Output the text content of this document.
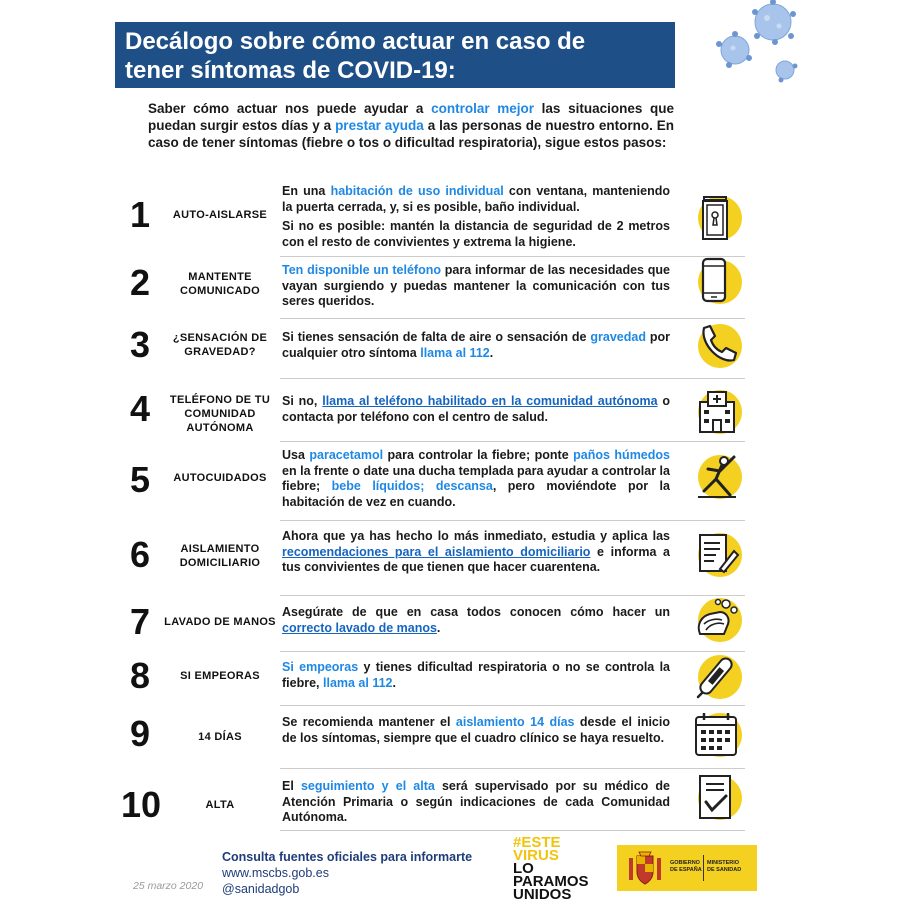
Decálogo sobre cómo actuar en caso de
tener síntomas de COVID-19:
Saber cómo actuar nos puede ayudar a controlar mejor las situaciones que puedan surgir estos días y a prestar ayuda a las personas de nuestro entorno. En caso de tener síntomas (fiebre o tos o dificultad respiratoria), sigue estos pasos:
1	AUTO-AISLARSE

En una habitación de uso individual con ventana, manteniendo la puerta cerrada, y, si es posible, baño individual.

Si no es posible: mantén la distancia de seguridad de 2 metros con el resto de convivientes y extrema la higiene.

2	MANTENTE
COMUNICADO
Ten disponible un teléfono para informar de las necesidades que vayan surgiendo y puedas mantener la comunicación con tus seres queridos.
3	¿SENSACIÓN DE
GRAVEDAD?
Si tienes sensación de falta de aire o sensación de gravedad por cualquier otro síntoma llama al 112.
4	TELÉFONO DE TU
COMUNIDAD
AUTÓNOMA
Si no, llama al teléfono habilitado en la comunidad autónoma o contacta por teléfono con el centro de salud.
5	AUTOCUIDADOS
Usa paracetamol para controlar la fiebre; ponte paños húmedos en la frente o date una ducha templada para ayudar a controlar la fiebre; bebe líquidos; descansa, pero moviéndote por la habitación de vez en cuando.
6	AISLAMIENTO
DOMICILIARIO
Ahora que ya has hecho lo más inmediato, estudia y aplica las recomendaciones para el aislamiento domiciliario e informa a tus convivientes de que tienen que hacer cuarentena.
7	LAVADO DE MANOS
Asegúrate de que en casa todos conocen cómo hacer un correcto lavado de manos.
8	SI EMPEORAS
Si empeoras y tienes dificultad respiratoria o no se controla la fiebre, llama al 112.
9	14 DÍAS
Se recomienda mantener el aislamiento 14 días desde el inicio de los síntomas, siempre que el cuadro clínico se haya resuelto.
10	ALTA
El seguimiento y el alta será supervisado por su médico de Atención Primaria o según indicaciones de cada Comunidad Autónoma.
Consulta fuentes oficiales para informarte
www.mscbs.gob.es
@sanidadgob
25 marzo 2020
#ESTE
VIRUS
LO
PARAMOS
UNIDOS
GOBIERNO
DE ESPAÑA
MINISTERIO
DE SANIDAD
